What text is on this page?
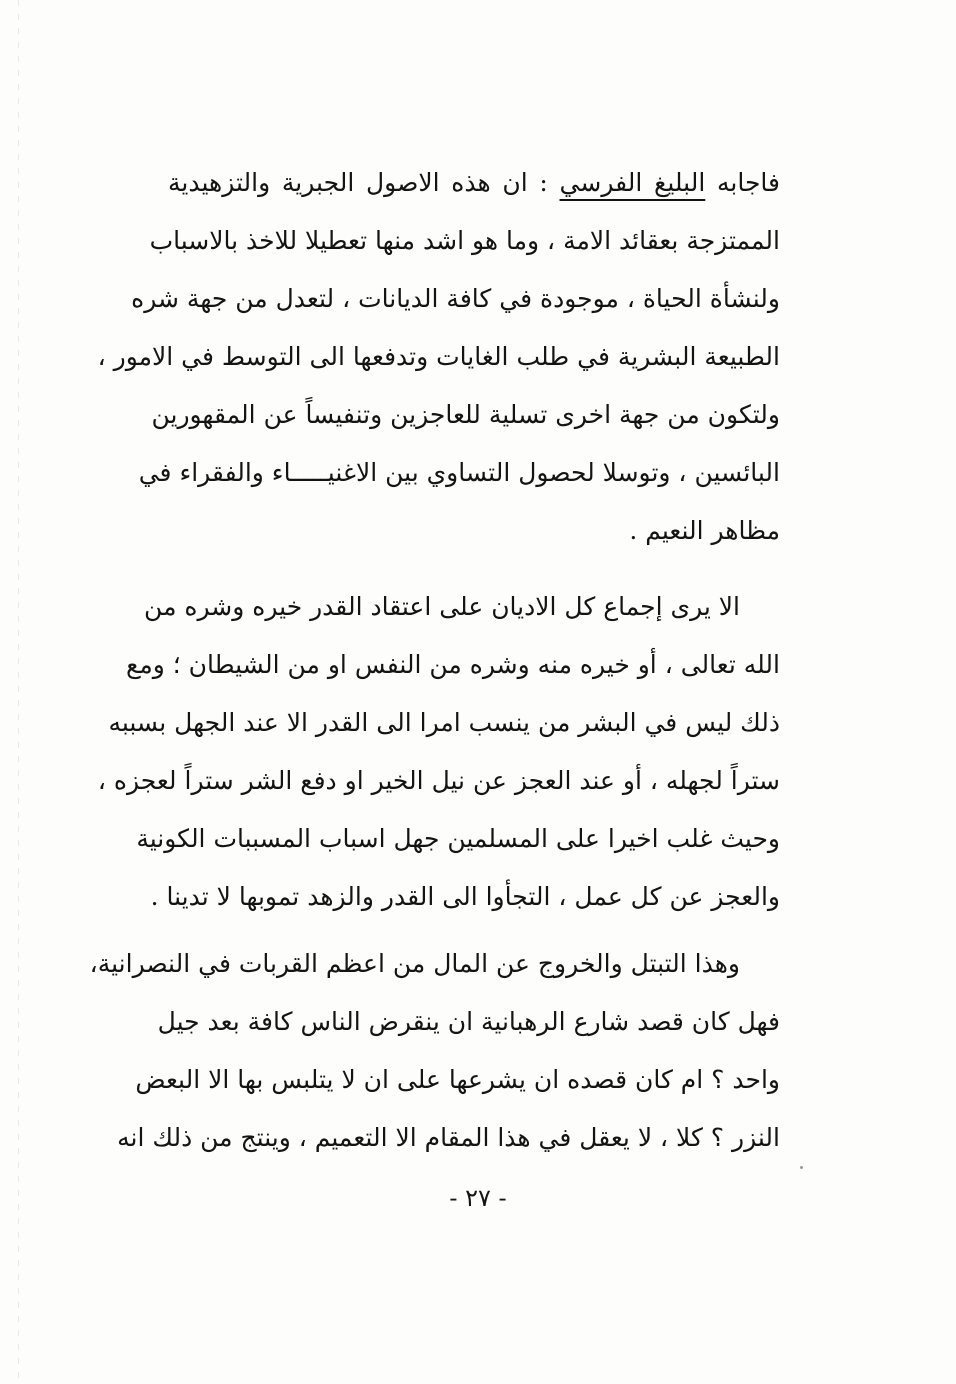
فاجابه البليغ الفرسي : ان هذه الاصول الجبرية والتزهيدية
الممتزجة بعقائد الامة ، وما هو اشد منها تعطيلا للاخذ بالاسباب
ولنشأة الحياة ، موجودة في كافة الديانات ، لتعدل من جهة شره
الطبيعة البشرية في طلب الغايات وتدفعها الى التوسط في الامور ،
ولتكون من جهة اخرى تسلية للعاجزين وتنفيساً عن المقهورين
البائسين ، وتوسلا لحصول التساوي بين الاغنيـــــاء والفقراء في
مظاهر النعيم .
الا يرى إجماع كل الاديان على اعتقاد القدر خيره وشره من
الله تعالى ، أو خيره منه وشره من النفس او من الشيطان ؛ ومع
ذلك ليس في البشر من ينسب امرا الى القدر الا عند الجهل بسببه
ستراً لجهله ، أو عند العجز عن نيل الخير او دفع الشر ستراً لعجزه ،
وحيث غلب اخيرا على المسلمين جهل اسباب المسببات الكونية
والعجز عن كل عمل ، التجأوا الى القدر والزهد تموبها لا تدينا .
وهذا التبتل والخروج عن المال من اعظم القربات في النصرانية،
فهل كان قصد شارع الرهبانية ان ينقرض الناس كافة بعد جيل
واحد ؟ ام كان قصده ان يشرعها على ان لا يتلبس بها الا البعض
النزر ؟ كلا ، لا يعقل في هذا المقام الا التعميم ، وينتج من ذلك انه
- ٢٧ -
